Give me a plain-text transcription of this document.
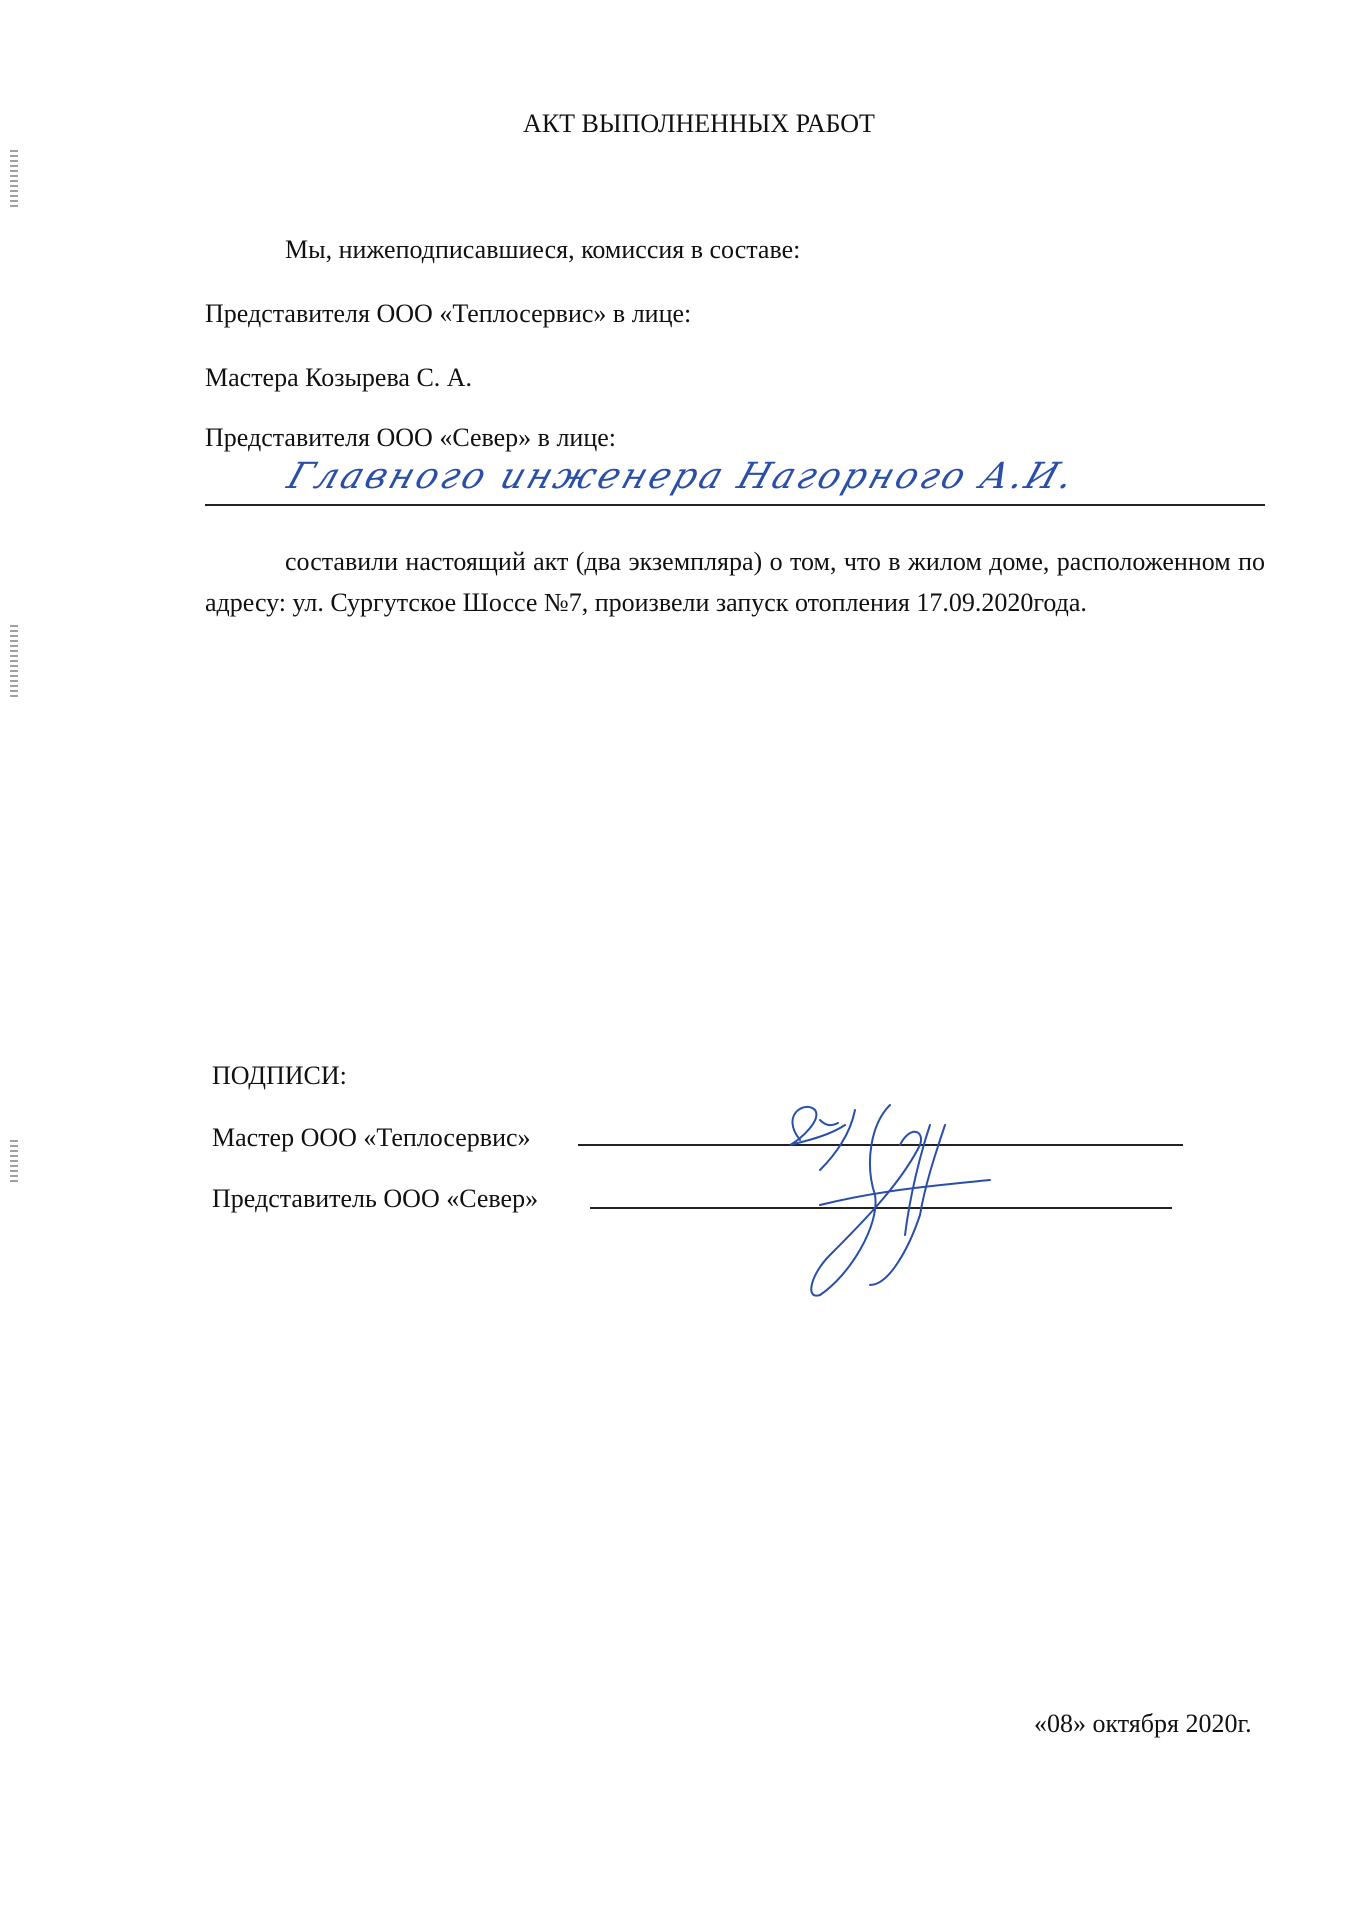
АКТ ВЫПОЛНЕННЫХ РАБОТ
Мы, нижеподписавшиеся, комиссия в составе:
Представителя ООО «Теплосервис» в лице:
Мастера Козырева С. А.
Представителя ООО «Север» в лице:
Главного инженера Нагорного А.И.
составили настоящий акт (два экземпляра) о том, что в жилом доме, расположенном по адресу: ул. Сургутское Шоссе №7, произвели запуск отопления 17.09.2020года.
ПОДПИСИ:
Мастер ООО «Теплосервис»
Представитель ООО «Север»
«08» октября 2020г.
